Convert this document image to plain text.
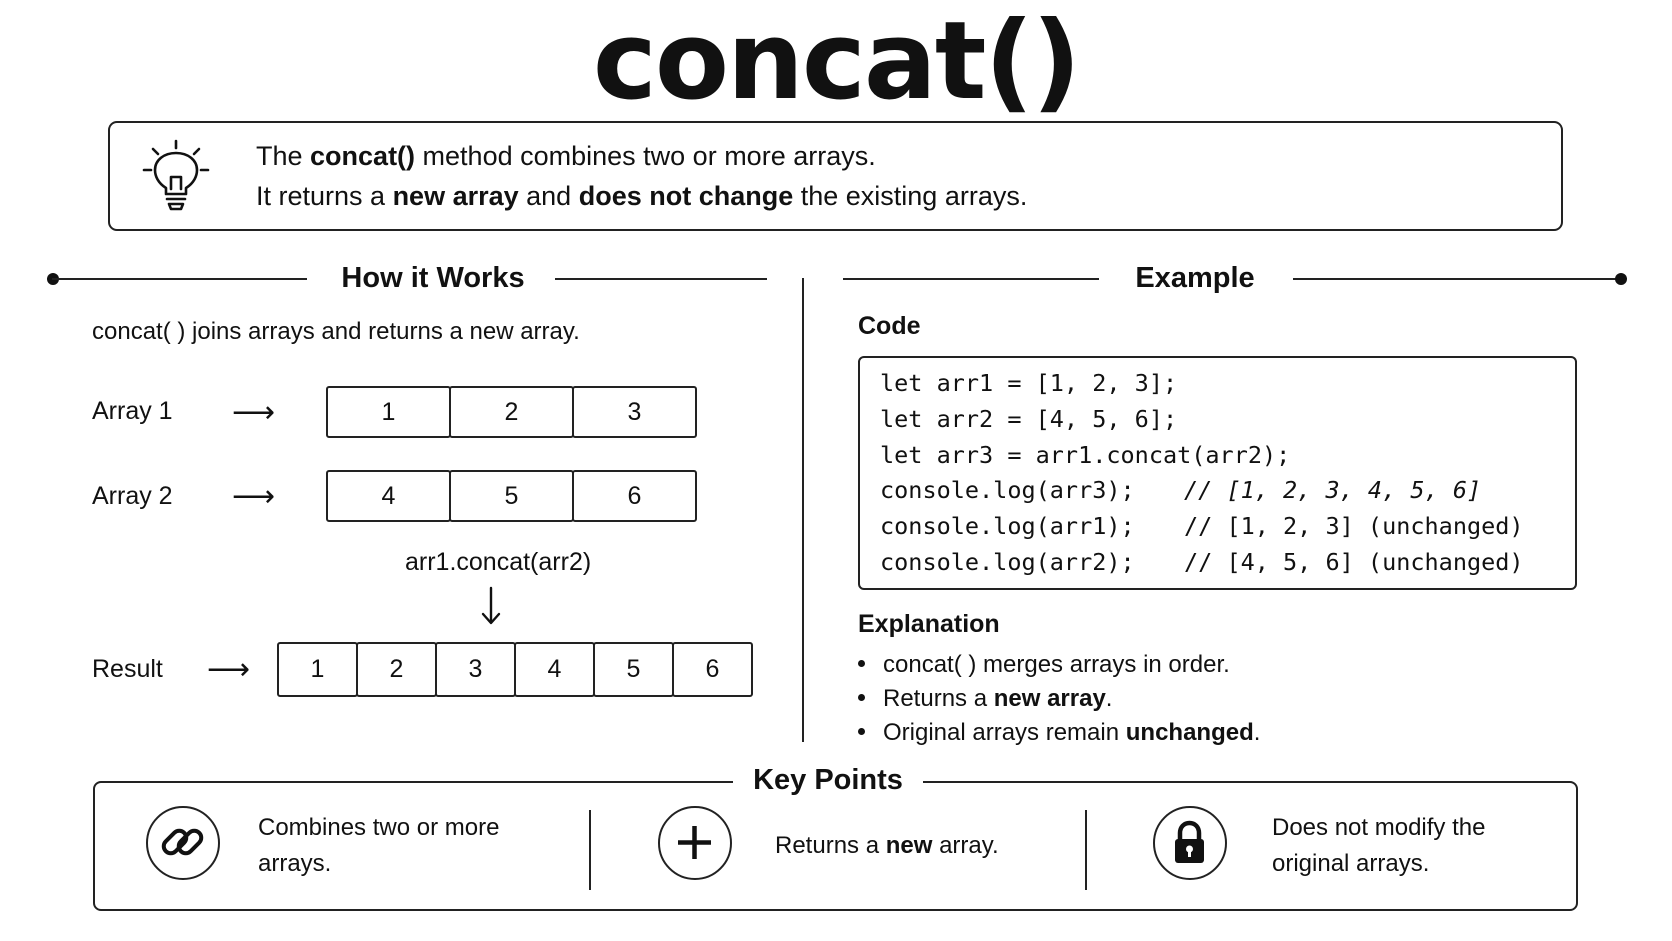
concat()
The concat() method combines two or more arrays.
It returns a new array and does not change the existing arrays.
How it Works	Example
concat( ) joins arrays and returns a new array.
Array 1 ⟶	1	2	3
Array 2 ⟶	4	5	6
arr1.concat(arr2)
Result ⟶	1	2	3	4	5	6
Code
let arr1 = [1, 2, 3];
let arr2 = [4, 5, 6];
let arr3 = arr1.concat(arr2);
console.log(arr3); // [1, 2, 3, 4, 5, 6]
console.log(arr1); // [1, 2, 3] (unchanged)
console.log(arr2); // [4, 5, 6] (unchanged)
Explanation
concat( ) merges arrays in order.
Returns a new array.
Original arrays remain unchanged.
Combines two or more
arrays.
Returns a new array.
Does not modify the
original arrays.
Key Points
